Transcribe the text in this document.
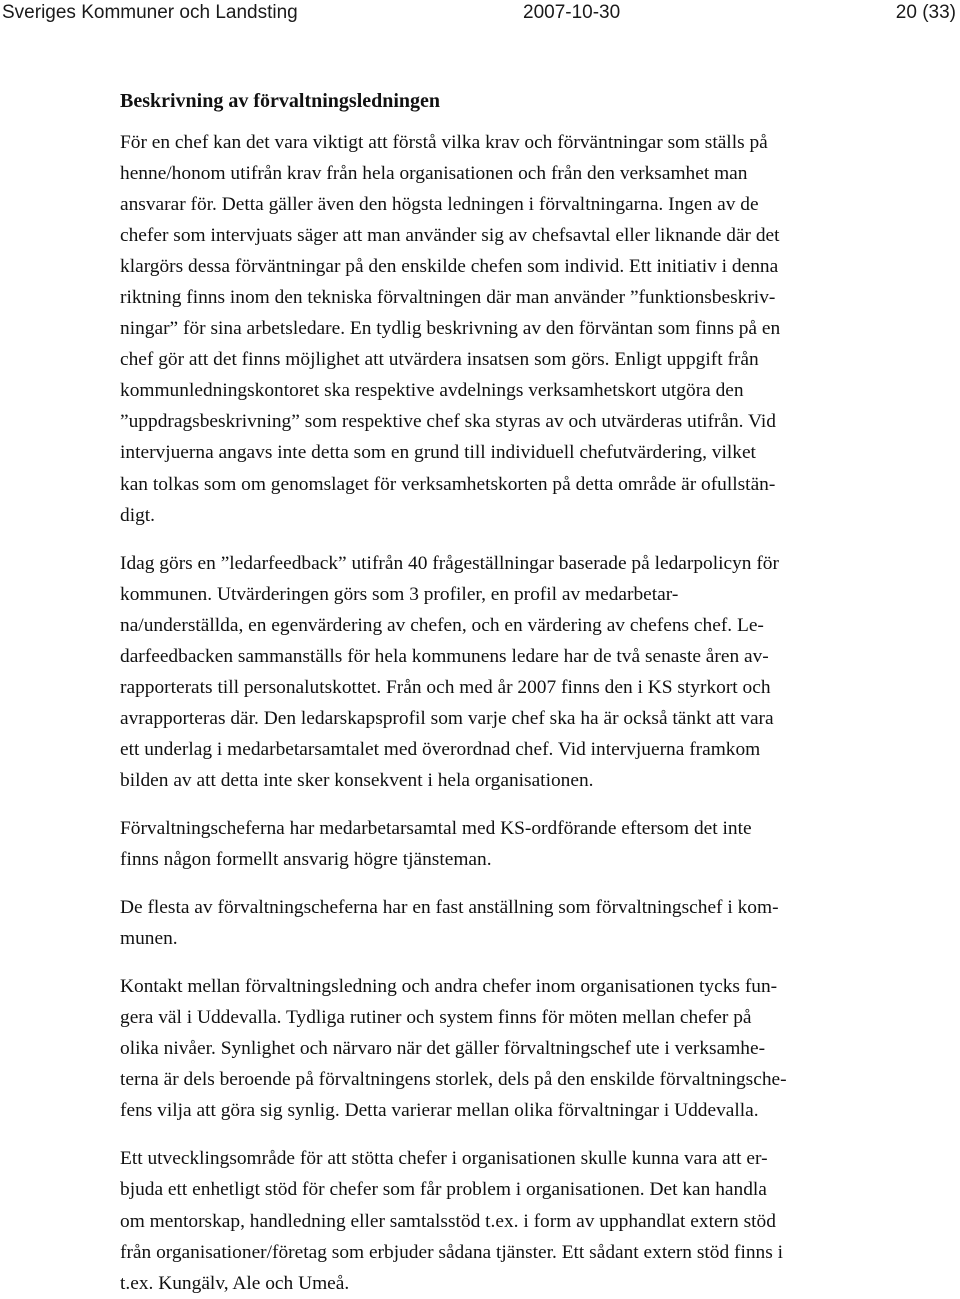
Sveriges Kommuner och Landsting	2007-10-30	20 (33)
Beskrivning av förvaltningsledningen

För en chef kan det vara viktigt att förstå vilka krav och förväntningar som ställs på
henne/honom utifrån krav från hela organisationen och från den verksamhet man
ansvarar för. Detta gäller även den högsta ledningen i förvaltningarna. Ingen av de
chefer som intervjuats säger att man använder sig av chefsavtal eller liknande där det
klargörs dessa förväntningar på den enskilde chefen som individ. Ett initiativ i denna
riktning finns inom den tekniska förvaltningen där man använder ”funktionsbeskriv-
ningar” för sina arbetsledare. En tydlig beskrivning av den förväntan som finns på en
chef gör att det finns möjlighet att utvärdera insatsen som görs. Enligt uppgift från
kommunledningskontoret ska respektive avdelnings verksamhetskort utgöra den
”uppdragsbeskrivning” som respektive chef ska styras av och utvärderas utifrån. Vid
intervjuerna angavs inte detta som en grund till individuell chefutvärdering, vilket
kan tolkas som om genomslaget för verksamhetskorten på detta område är ofullstän-
digt.

Idag görs en ”ledarfeedback” utifrån 40 frågeställningar baserade på ledarpolicyn för
kommunen. Utvärderingen görs som 3 profiler, en profil av medarbetar-
na/underställda, en egenvärdering av chefen, och en värdering av chefens chef. Le-
darfeedbacken sammanställs för hela kommunens ledare har de två senaste åren av-
rapporterats till personalutskottet. Från och med år 2007 finns den i KS styrkort och
avrapporteras där. Den ledarskapsprofil som varje chef ska ha är också tänkt att vara
ett underlag i medarbetarsamtalet med överordnad chef. Vid intervjuerna framkom
bilden av att detta inte sker konsekvent i hela organisationen.

Förvaltningscheferna har medarbetarsamtal med KS-ordförande eftersom det inte
finns någon formellt ansvarig högre tjänsteman.

De flesta av förvaltningscheferna har en fast anställning som förvaltningschef i kom-
munen.

Kontakt mellan förvaltningsledning och andra chefer inom organisationen tycks fun-
gera väl i Uddevalla. Tydliga rutiner och system finns för möten mellan chefer på
olika nivåer. Synlighet och närvaro när det gäller förvaltningschef ute i verksamhe-
terna är dels beroende på förvaltningens storlek, dels på den enskilde förvaltningsche-
fens vilja att göra sig synlig. Detta varierar mellan olika förvaltningar i Uddevalla.

Ett utvecklingsområde för att stötta chefer i organisationen skulle kunna vara att er-
bjuda ett enhetligt stöd för chefer som får problem i organisationen. Det kan handla
om mentorskap, handledning eller samtalsstöd t.ex. i form av upphandlat extern stöd
från organisationer/företag som erbjuder sådana tjänster. Ett sådant extern stöd finns i
t.ex. Kungälv, Ale och Umeå.
